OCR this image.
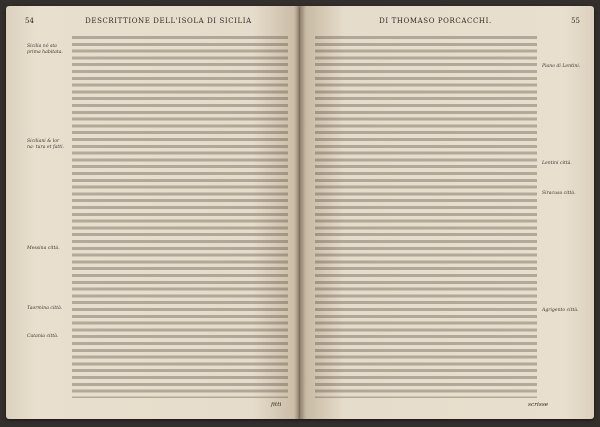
54	DESCRITTIONE DELL'ISOLA DI SICILIA
Sicilia nó sta prima habitata.
Siciliani & lor na- tura et fatti.
Messina città.
Taormina città.
Catania città.
fitti
DI THOMASO PORCACCHI.	55
Piano di Lentini.
Lentini città.
Siracusa città.
Agrigento città.
scrisse
